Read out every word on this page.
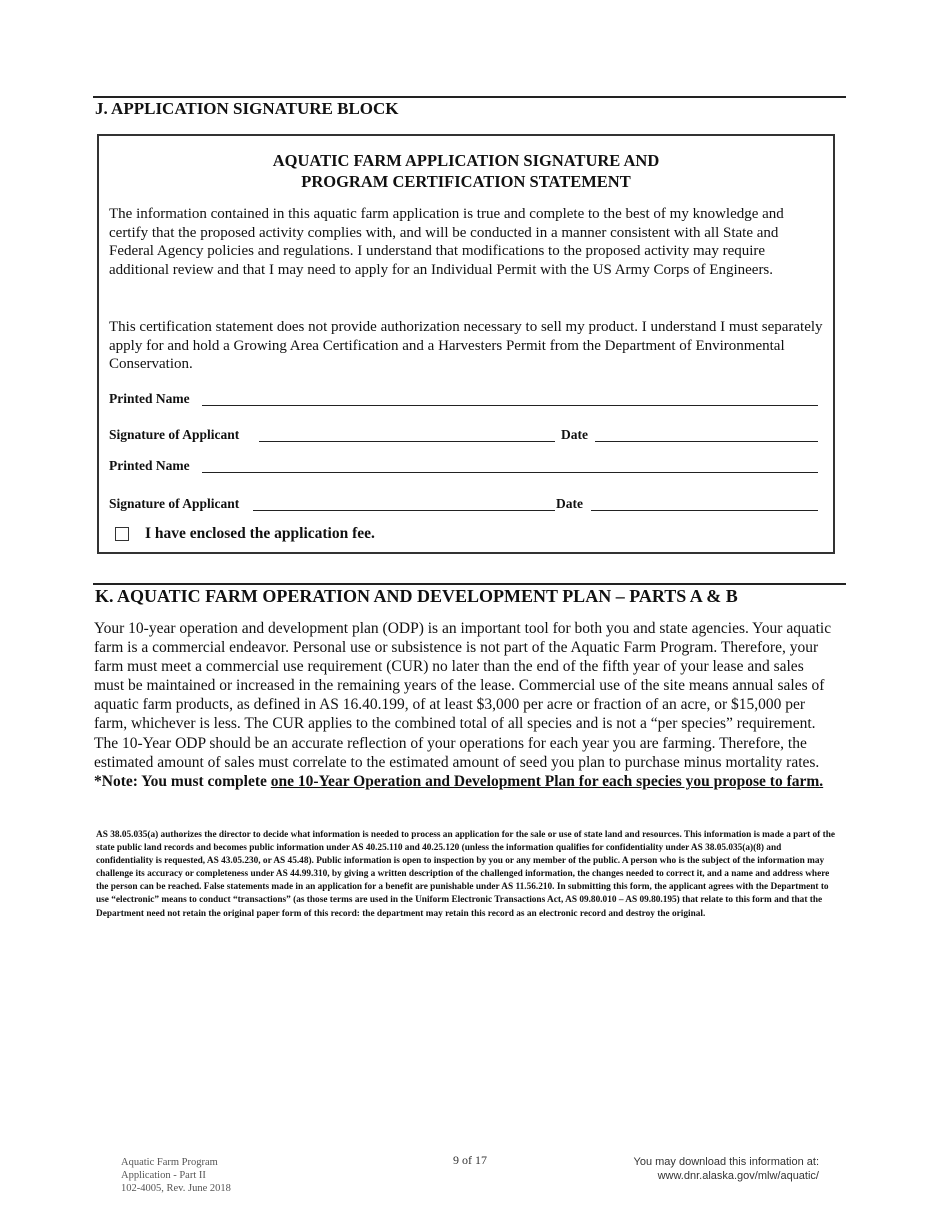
J. APPLICATION SIGNATURE BLOCK
AQUATIC FARM APPLICATION SIGNATURE AND
PROGRAM CERTIFICATION STATEMENT

The information contained in this aquatic farm application is true and complete to the best of my knowledge and certify that the proposed activity complies with, and will be conducted in a manner consistent with all State and Federal Agency policies and regulations. I understand that modifications to the proposed activity may require additional review and that I may need to apply for an Individual Permit with the US Army Corps of Engineers.

This certification statement does not provide authorization necessary to sell my product. I understand I must separately apply for and hold a Growing Area Certification and a Harvesters Permit from the Department of Environmental Conservation.

Printed Name
Signature of Applicant	Date
Printed Name
Signature of Applicant	Date
I have enclosed the application fee.
K. AQUATIC FARM OPERATION AND DEVELOPMENT PLAN – PARTS A & B

Your 10-year operation and development plan (ODP) is an important tool for both you and state agencies. Your aquatic farm is a commercial endeavor. Personal use or subsistence is not part of the Aquatic Farm Program. Therefore, your farm must meet a commercial use requirement (CUR) no later than the end of the fifth year of your lease and sales must be maintained or increased in the remaining years of the lease. Commercial use of the site means annual sales of aquatic farm products, as defined in AS 16.40.199, of at least $3,000 per acre or fraction of an acre, or $15,000 per farm, whichever is less. The CUR applies to the combined total of all species and is not a “per species” requirement. The 10-Year ODP should be an accurate reflection of your operations for each year you are farming. Therefore, the estimated amount of sales must correlate to the estimated amount of seed you plan to purchase minus mortality rates. *Note: You must complete one 10-Year Operation and Development Plan for each species you propose to farm.

AS 38.05.035(a) authorizes the director to decide what information is needed to process an application for the sale or use of state land and resources. This information is made a part of the state public land records and becomes public information under AS 40.25.110 and 40.25.120 (unless the information qualifies for confidentiality under AS 38.05.035(a)(8) and confidentiality is requested, AS 43.05.230, or AS 45.48). Public information is open to inspection by you or any member of the public. A person who is the subject of the information may challenge its accuracy or completeness under AS 44.99.310, by giving a written description of the challenged information, the changes needed to correct it, and a name and address where the person can be reached. False statements made in an application for a benefit are punishable under AS 11.56.210. In submitting this form, the applicant agrees with the Department to use “electronic” means to conduct “transactions” (as those terms are used in the Uniform Electronic Transactions Act, AS 09.80.010 – AS 09.80.195) that relate to this form and that the Department need not retain the original paper form of this record: the department may retain this record as an electronic record and destroy the original.

Aquatic Farm Program
Application - Part II
102-4005, Rev. June 2018
9 of 17	You may download this information at:
www.dnr.alaska.gov/mlw/aquatic/
